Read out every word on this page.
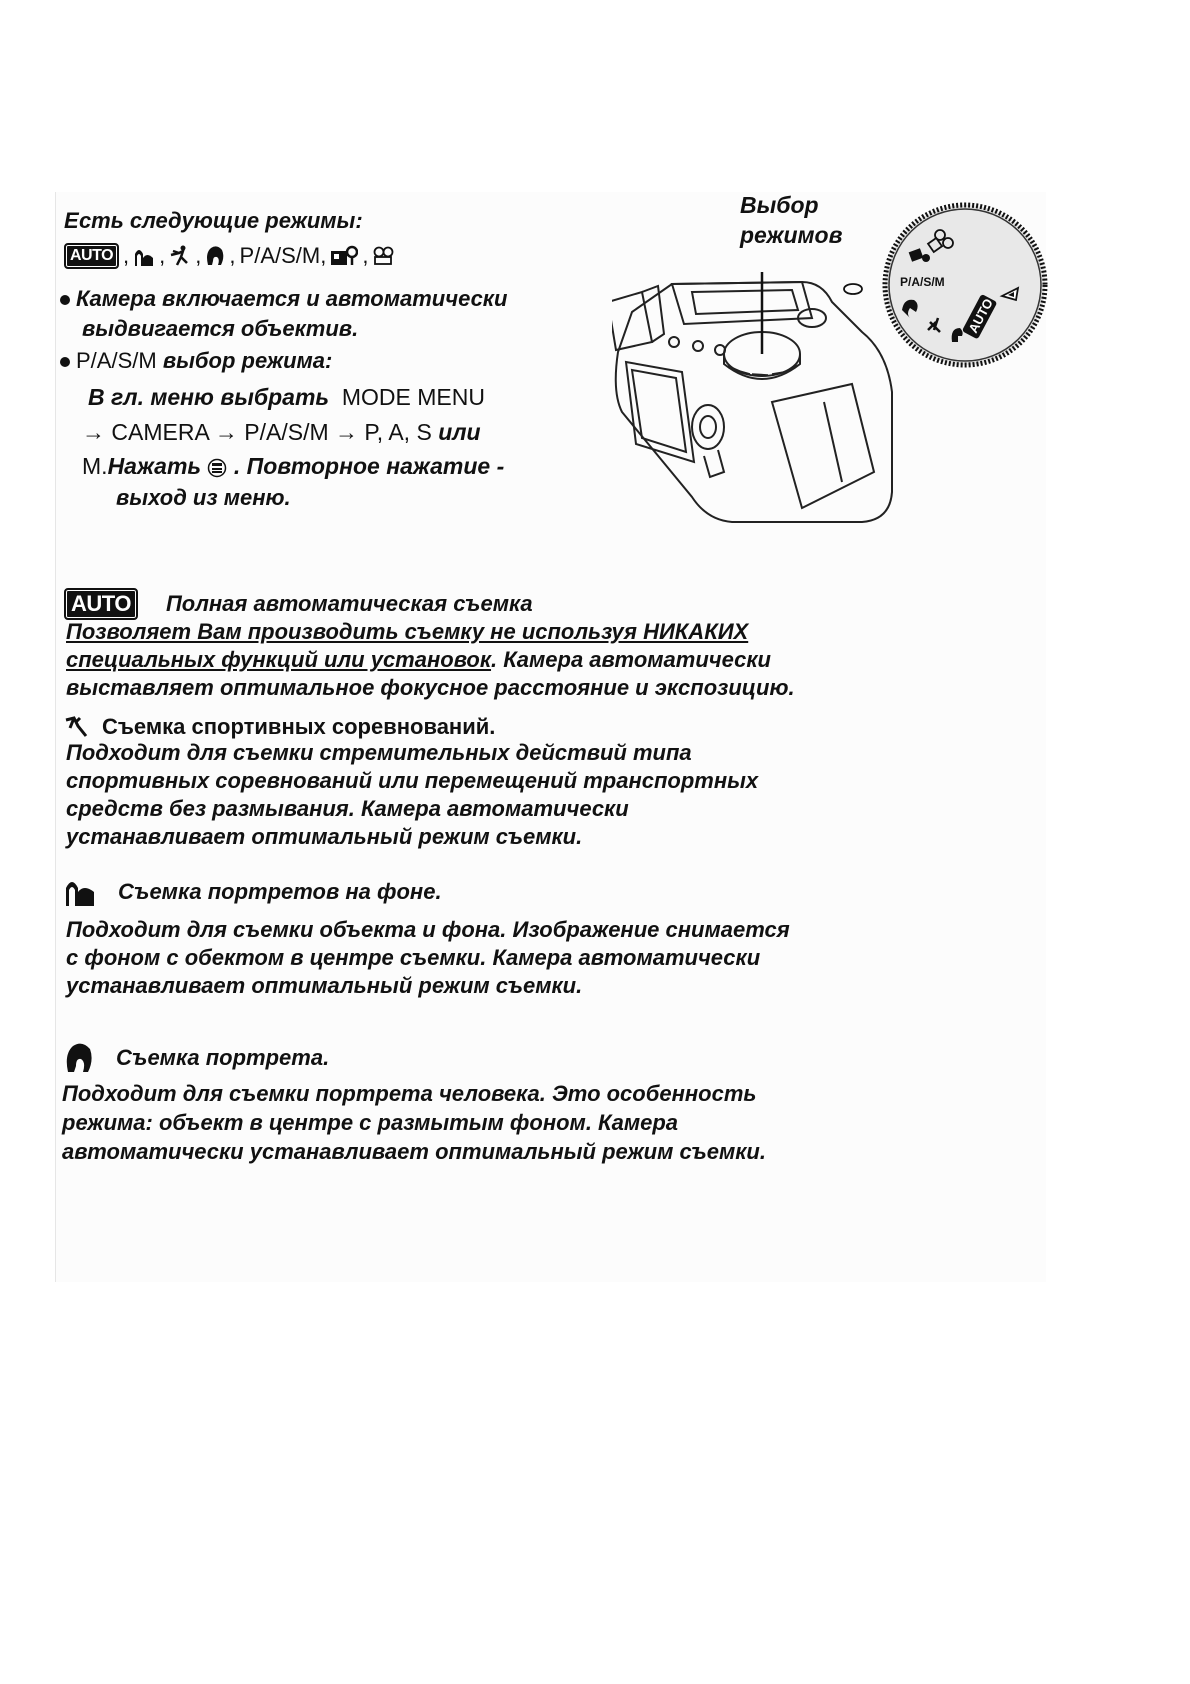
Есть следующие режимы:
AUTO , , , , P/A/S/M, ,
Камера включается и автоматически
выдвигается объектив.
P/A/S/M выбор режима:
В гл. меню выбрать MODE MENU
→ CAMERA → P/A/S/M → P, A, S или
M.Нажать . Повторное нажатие -
выход из меню.
Выбор
режимов
P/A/S/M
AUTO
AUTO	Полная автоматическая съемка
Позволяет Вам производить съемку не используя НИКАКИХ
специальных функций или установок. Камера автоматически
выставляет оптимальное фокусное расстояние и экспозицию.
Съемка спортивных соревнований.
Подходит для съемки стремительных действий типа
спортивных соревнований или перемещений транспортных
средств без размывания. Камера автоматически
устанавливает оптимальный режим съемки.
Съемка портретов на фоне.
Подходит для съемки объекта и фона. Изображение снимается
с фоном с обектом в центре съемки. Камера автоматически
устанавливает оптимальный режим съемки.
Съемка портрета.
Подходит для съемки портрета человека. Это особенность
режима: объект в центре с размытым фоном. Камера
автоматически устанавливает оптимальный режим съемки.
